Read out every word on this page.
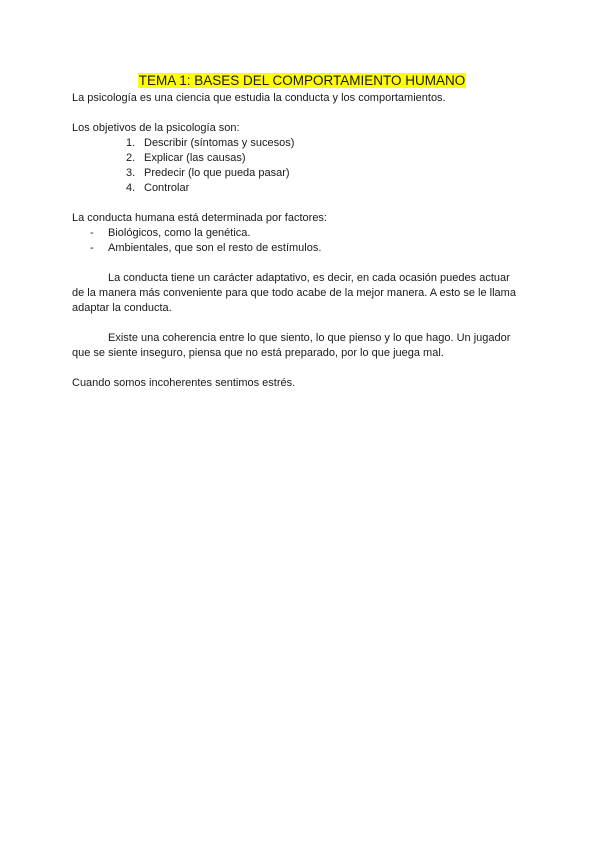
TEMA 1: BASES DEL COMPORTAMIENTO HUMANO

La psicología es una ciencia que estudia la conducta y los comportamientos.

Los objetivos de la psicología son:

1. Describir (síntomas y sucesos)
2. Explicar (las causas)
3. Predecir (lo que pueda pasar)
4. Controlar

La conducta humana está determinada por factores:

- Biológicos, como la genética.
- Ambientales, que son el resto de estímulos.

La conducta tiene un carácter adaptativo, es decir, en cada ocasión puedes actuar

de la manera más conveniente para que todo acabe de la mejor manera. A esto se le llama

adaptar la conducta.

Existe una coherencia entre lo que siento, lo que pienso y lo que hago. Un jugador

que se siente inseguro, piensa que no está preparado, por lo que juega mal.

Cuando somos incoherentes sentimos estrés.
